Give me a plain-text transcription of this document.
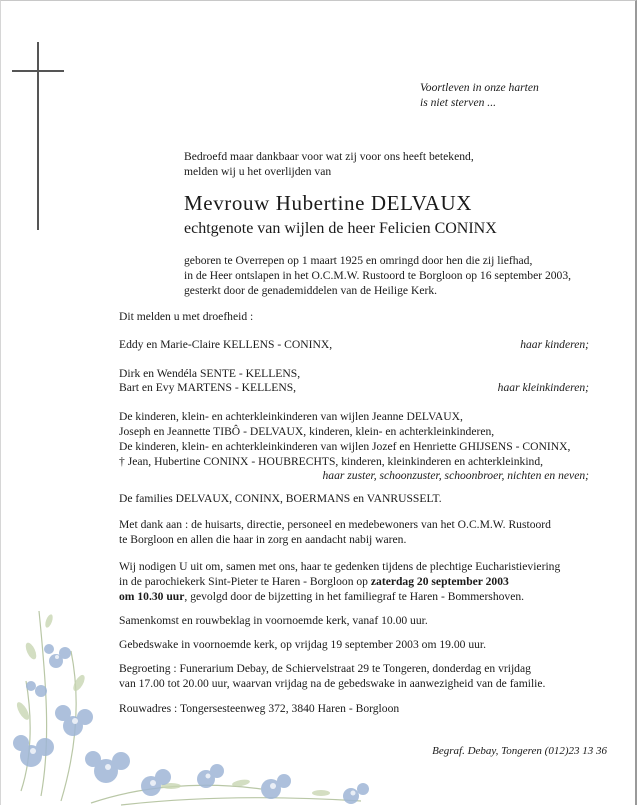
Voortleven in onze harten
is niet sterven ...
Bedroefd maar dankbaar voor wat zij voor ons heeft betekend,
melden wij u het overlijden van
Mevrouw Hubertine DELVAUX
echtgenote van wijlen de heer Felicien CONINX
geboren te Overrepen op 1 maart 1925 en omringd door hen die zij liefhad,
in de Heer ontslapen in het O.C.M.W. Rustoord te Borgloon op 16 september 2003,
gesterkt door de genademiddelen van de Heilige Kerk.
Dit melden u met droefheid :
Eddy en Marie-Claire KELLENS - CONINX,	haar kinderen;
Dirk en Wendéla SENTE - KELLENS,
Bart en Evy MARTENS - KELLENS,	haar kleinkinderen;
De kinderen, klein- en achterkleinkinderen van wijlen Jeanne DELVAUX,
Joseph en Jeannette TIBÔ - DELVAUX, kinderen, klein- en achterkleinkinderen,
De kinderen, klein- en achterkleinkinderen van wijlen Jozef en Henriette GHIJSENS - CONINX,
† Jean, Hubertine CONINX - HOUBRECHTS, kinderen, kleinkinderen en achterkleinkind,
haar zuster, schoonzuster, schoonbroer, nichten en neven;
De families DELVAUX, CONINX, BOERMANS en VANRUSSELT.
Met dank aan : de huisarts, directie, personeel en medebewoners van het O.C.M.W. Rustoord
te Borgloon en allen die haar in zorg en aandacht nabij waren.
Wij nodigen U uit om, samen met ons, haar te gedenken tijdens de plechtige Eucharistieviering
in de parochiekerk Sint-Pieter te Haren - Borgloon op zaterdag 20 september 2003
om 10.30 uur, gevolgd door de bijzetting in het familiegraf te Haren - Bommershoven.
Samenkomst en rouwbeklag in voornoemde kerk, vanaf 10.00 uur.
Gebedswake in voornoemde kerk, op vrijdag 19 september 2003 om 19.00 uur.
Begroeting : Funerarium Debay, de Schiervelstraat 29 te Tongeren, donderdag en vrijdag
van 17.00 tot 20.00 uur, waarvan vrijdag na de gebedswake in aanwezigheid van de familie.
Rouwadres : Tongersesteenweg 372, 3840 Haren - Borgloon
Begraf. Debay, Tongeren (012)23 13 36
